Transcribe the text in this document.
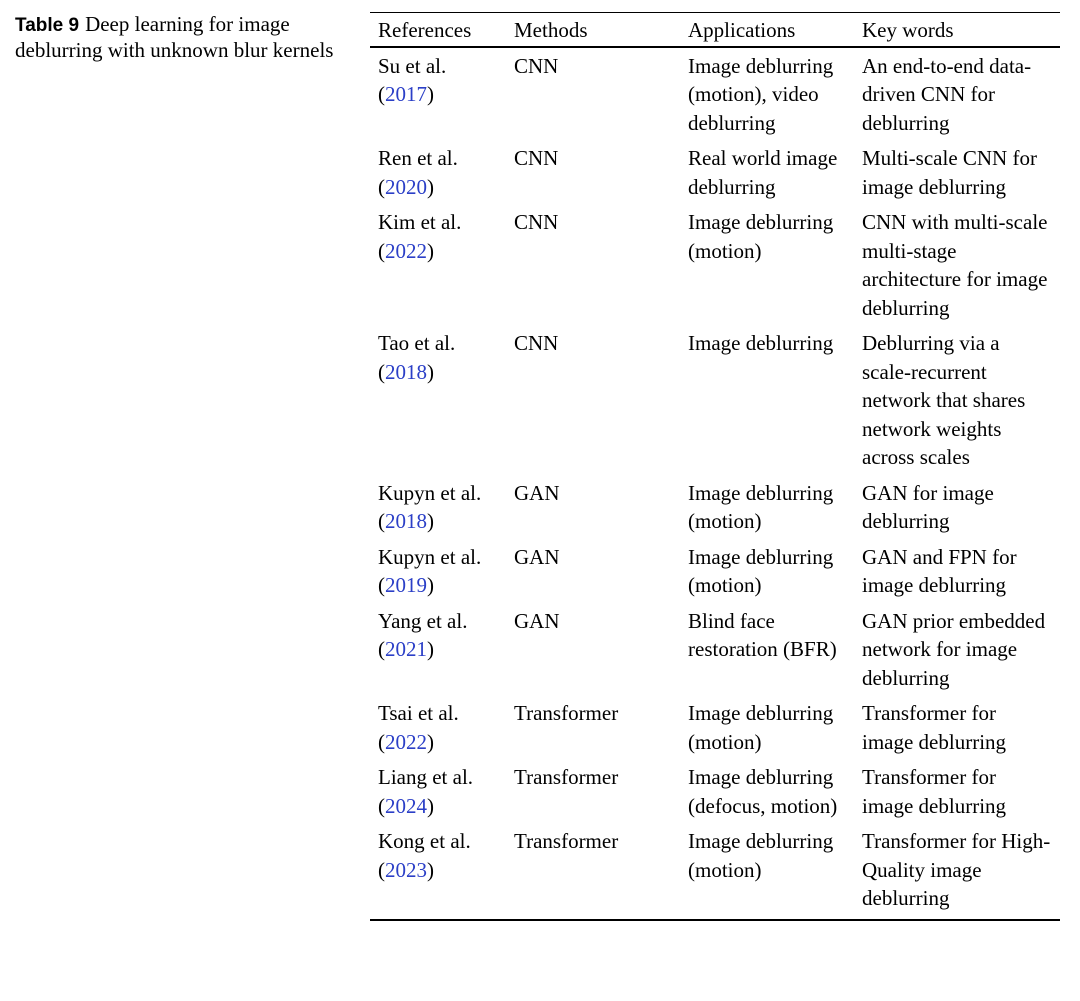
Table 9 Deep learning for image deblurring with unknown blur kernels
References	Methods	Applications	Key words
Su et al. (2017)	CNN	Image deblurring (motion), video deblurring	An end-to-end data-driven CNN for deblurring
Ren et al. (2020)	CNN	Real world image deblurring	Multi-scale CNN for image deblurring
Kim et al. (2022)	CNN	Image deblurring (motion)	CNN with multi-scale multi-stage architecture for image deblurring
Tao et al. (2018)	CNN	Image deblurring	Deblurring via a scale-recurrent network that shares network weights across scales
Kupyn et al. (2018)	GAN	Image deblurring (motion)	GAN for image deblurring
Kupyn et al. (2019)	GAN	Image deblurring (motion)	GAN and FPN for image deblurring
Yang et al. (2021)	GAN	Blind face restoration (BFR)	GAN prior embedded network for image deblurring
Tsai et al. (2022)	Transformer	Image deblurring (motion)	Transformer for image deblurring
Liang et al. (2024)	Transformer	Image deblurring (defocus, motion)	Transformer for image deblurring
Kong et al. (2023)	Transformer	Image deblurring (motion)	Transformer for High-Quality image deblurring
